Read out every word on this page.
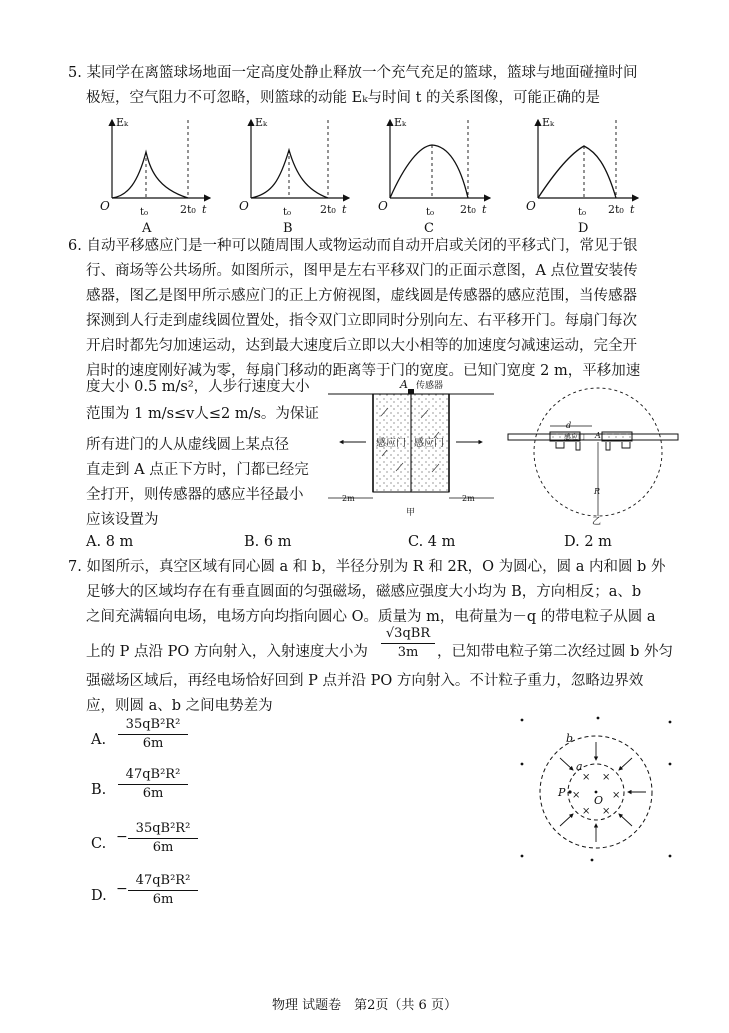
5. 某同学在离篮球场地面一定高度处静止释放一个充气充足的篮球，篮球与地面碰撞时间
极短，空气阻力不可忽略，则篮球的动能 Eₖ与时间 t 的关系图像，可能正确的是
Eₖ
O	t₀	2t₀ t
A
Eₖ
O	t₀	2t₀ t
B
Eₖ
O	t₀ 2t₀ t
C
Eₖ
O	t₀ 2t₀ t
D
6. 自动平移感应门是一种可以随周围人或物运动而自动开启或关闭的平移式门，常见于银
行、商场等公共场所。如图所示，图甲是左右平移双门的正面示意图，A 点位置安装传
感器，图乙是图甲所示感应门的正上方俯视图，虚线圆是传感器的感应范围，当传感器
探测到人行走到虚线圆位置处，指令双门立即同时分别向左、右平移开门。每扇门每次
开启时都先匀加速运动，达到最大速度后立即以大小相等的加速度匀减速运动，完全开
启时的速度刚好减为零，每扇门移动的距离等于门的宽度。已知门宽度 2 m，平移加速
度大小 0.5 m/s²，人步行速度大小
范围为 1 m/s≤v人≤2 m/s。为保证
所有进门的人从虚线圆上某点径
直走到 A 点正下方时，门都已经完
全打开，则传感器的感应半径最小
应该设置为
A 传感器
感应门 感应门
2m	2m
甲
d
感应门 A
R
乙
A. 8 m	B. 6 m	C. 4 m	D. 2 m
7. 如图所示，真空区域有同心圆 a 和 b，半径分别为 R 和 2R，O 为圆心，圆 a 内和圆 b 外
足够大的区域均存在有垂直圆面的匀强磁场，磁感应强度大小均为 B，方向相反；a、b
之间充满辐向电场，电场方向均指向圆心 O。质量为 m，电荷量为－q 的带电粒子从圆 a
上的 P 点沿 PO 方向射入，入射速度大小为
√3qBR
3m	，已知带电粒子第二次经过圆 b 外匀
强磁场区域后，再经电场恰好回到 P 点并沿 PO 方向射入。不计粒子重力，忽略边界效
应，则圆 a、b 之间电势差为
A. $\frac{\text{35qB²R²}}{6m}$
B. $\frac{\text{47qB²R²}}{6m}$
C. −
35qB²R²
6m
D. −
47qB²R²
6m
× ×
×	×
× ×
b
a
P
O
物理 试题卷　第2页（共 6 页）
